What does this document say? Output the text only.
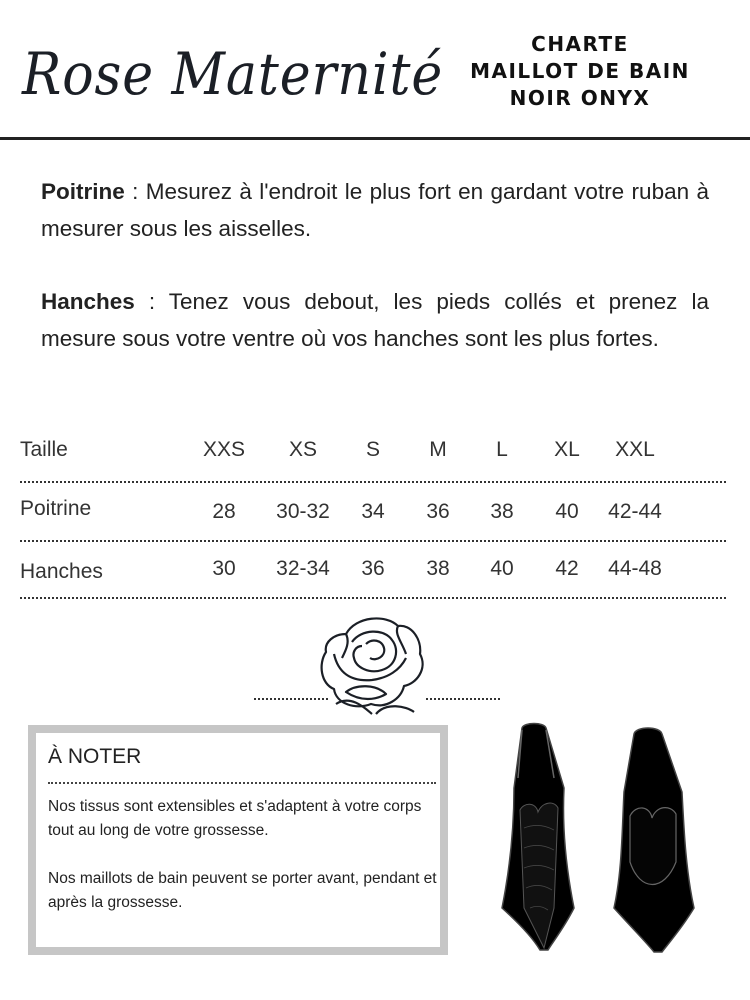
Rose Maternité	CHARTE
MAILLOT DE BAIN
NOIR ONYX
Poitrine : Mesurez à l'endroit le plus fort en gardant votre ruban à mesurer sous les aisselles.
Hanches : Tenez vous debout, les pieds collés et prenez la mesure sous votre ventre où vos hanches sont les plus fortes.
Taille
Poitrine
Hanches
XXS XS S M L XL XXL
28 30-32 34 36 38 40 42-44
30 32-34 36 38 40 42 44-48
À NOTER
Nos tissus sont extensibles et s'adaptent à votre corps tout au long de votre grossesse.
Nos maillots de bain peuvent se porter avant, pendant et après la grossesse.
